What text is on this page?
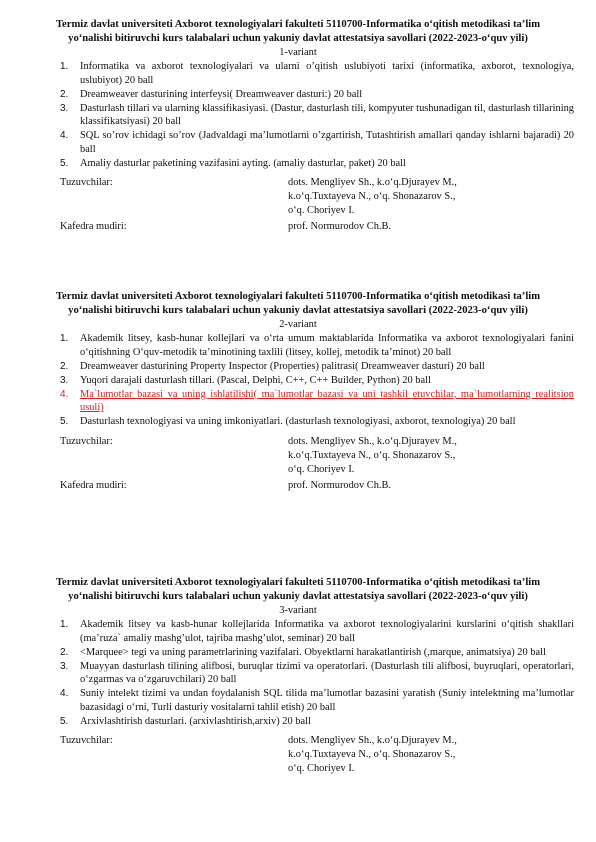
Termiz davlat universiteti Axborot texnologiyalari fakulteti 5110700-Informatika o‘qitish metodikasi ta’lim yo‘nalishi bitiruvchi kurs talabalari uchun yakuniy davlat attestatsiya savollari (2022-2023-o‘quv yili)
1-variant
1. Informatika va axborot texnologiyalari va ularni o’qitish uslubiyoti tarixi (informatika, axborot, texnologiya, uslubiyot) 20 ball
2. Dreamweaver dasturining interfeysi( Dreamweaver dasturi:) 20 ball
3. Dasturlash tillari va ularning klassifikasiyasi. (Dastur, dasturlash tili, kompyuter tushunadigan til, dasturlash tillarining klassifikatsiyasi) 20 ball
4. SQL so’rov ichidagi so’rov (Jadvaldagi ma’lumotlarni o’zgartirish, Tutashtirish amallari qanday ishlarni bajaradi) 20 ball
5. Amaliy dasturlar paketining vazifasini ayting. (amaliy dasturlar, paket) 20 ball
Tuzuvchilar:	dots. Mengliyev Sh., k.o‘q.Djurayev M.,
k.o‘q.Tuxtayeva N., o‘q. Shonazarov S.,
o‘q. Choriyev I.
Kafedra mudiri:	prof. Normurodov Ch.B.
Termiz davlat universiteti Axborot texnologiyalari fakulteti 5110700-Informatika o‘qitish metodikasi ta’lim yo‘nalishi bitiruvchi kurs talabalari uchun yakuniy davlat attestatsiya savollari (2022-2023-o‘quv yili)
2-variant
1. Akademik litsey, kasb-hunar kollejlari va o‘rta umum maktablarida Informatika va axborot texnologiyalari fanini o‘qitishning O‘quv-metodik ta’minotining taxlili (litsey, kollej, metodik ta’minot) 20 ball
2. Dreamweaver dasturining Property Inspector (Properties) palitrasi( Dreamweaver dasturi) 20 ball
3. Yuqori darajali dasturlash tillari. (Pascal, Delphi, C++, C++ Builder, Python) 20 ball
4. Ma`lumotlar bazasi va uning ishlatilishi( ma`lumotlar bazasi va uni tashkil etuvchilar, ma`lumotlarning realitsion usuli)
5. Dasturlash texnologiyasi va uning imkoniyatlari. (dasturlash texnologiyasi, axborot, texnologiya) 20 ball
Tuzuvchilar:	dots. Mengliyev Sh., k.o‘q.Djurayev M.,
k.o‘q.Tuxtayeva N., o‘q. Shonazarov S.,
o‘q. Choriyev I.
Kafedra mudiri:	prof. Normurodov Ch.B.
Termiz davlat universiteti Axborot texnologiyalari fakulteti 5110700-Informatika o‘qitish metodikasi ta’lim yo‘nalishi bitiruvchi kurs talabalari uchun yakuniy davlat attestatsiya savollari (2022-2023-o‘quv yili)
3-variant
1. Akademik litsey va kasb-hunar kollejlarida Informatika va axborot texnologiyalarini kurslarini o‘qitish shakllari (ma’ruza` amaliy mashg’ulot, tajriba mashg’ulot, seminar) 20 ball
2. <Marquee> tegi va uning parametrlarining vazifalari. Obyektlarni harakatlantirish (,marque, animatsiya) 20 ball
3. Muayyan dasturlash tilining alifbosi, buruqlar tizimi va operatorlari. (Dasturlash tili alifbosi, buyruqlari, operatorlari, o‘zgarmas va o‘zgaruvchilari) 20 ball
4. Suniy intelekt tizimi va undan foydalanish SQL tilida ma’lumotlar bazasini yaratish (Suniy intelektning ma’lumotlar bazasidagi o‘rni, Turli dasturiy vositalarni tahlil etish) 20 ball
5. Arxivlashtirish dasturlari. (arxivlashtirish,arxiv) 20 ball
Tuzuvchilar:	dots. Mengliyev Sh., k.o‘q.Djurayev M.,
k.o‘q.Tuxtayeva N., o‘q. Shonazarov S.,
o‘q. Choriyev I.
